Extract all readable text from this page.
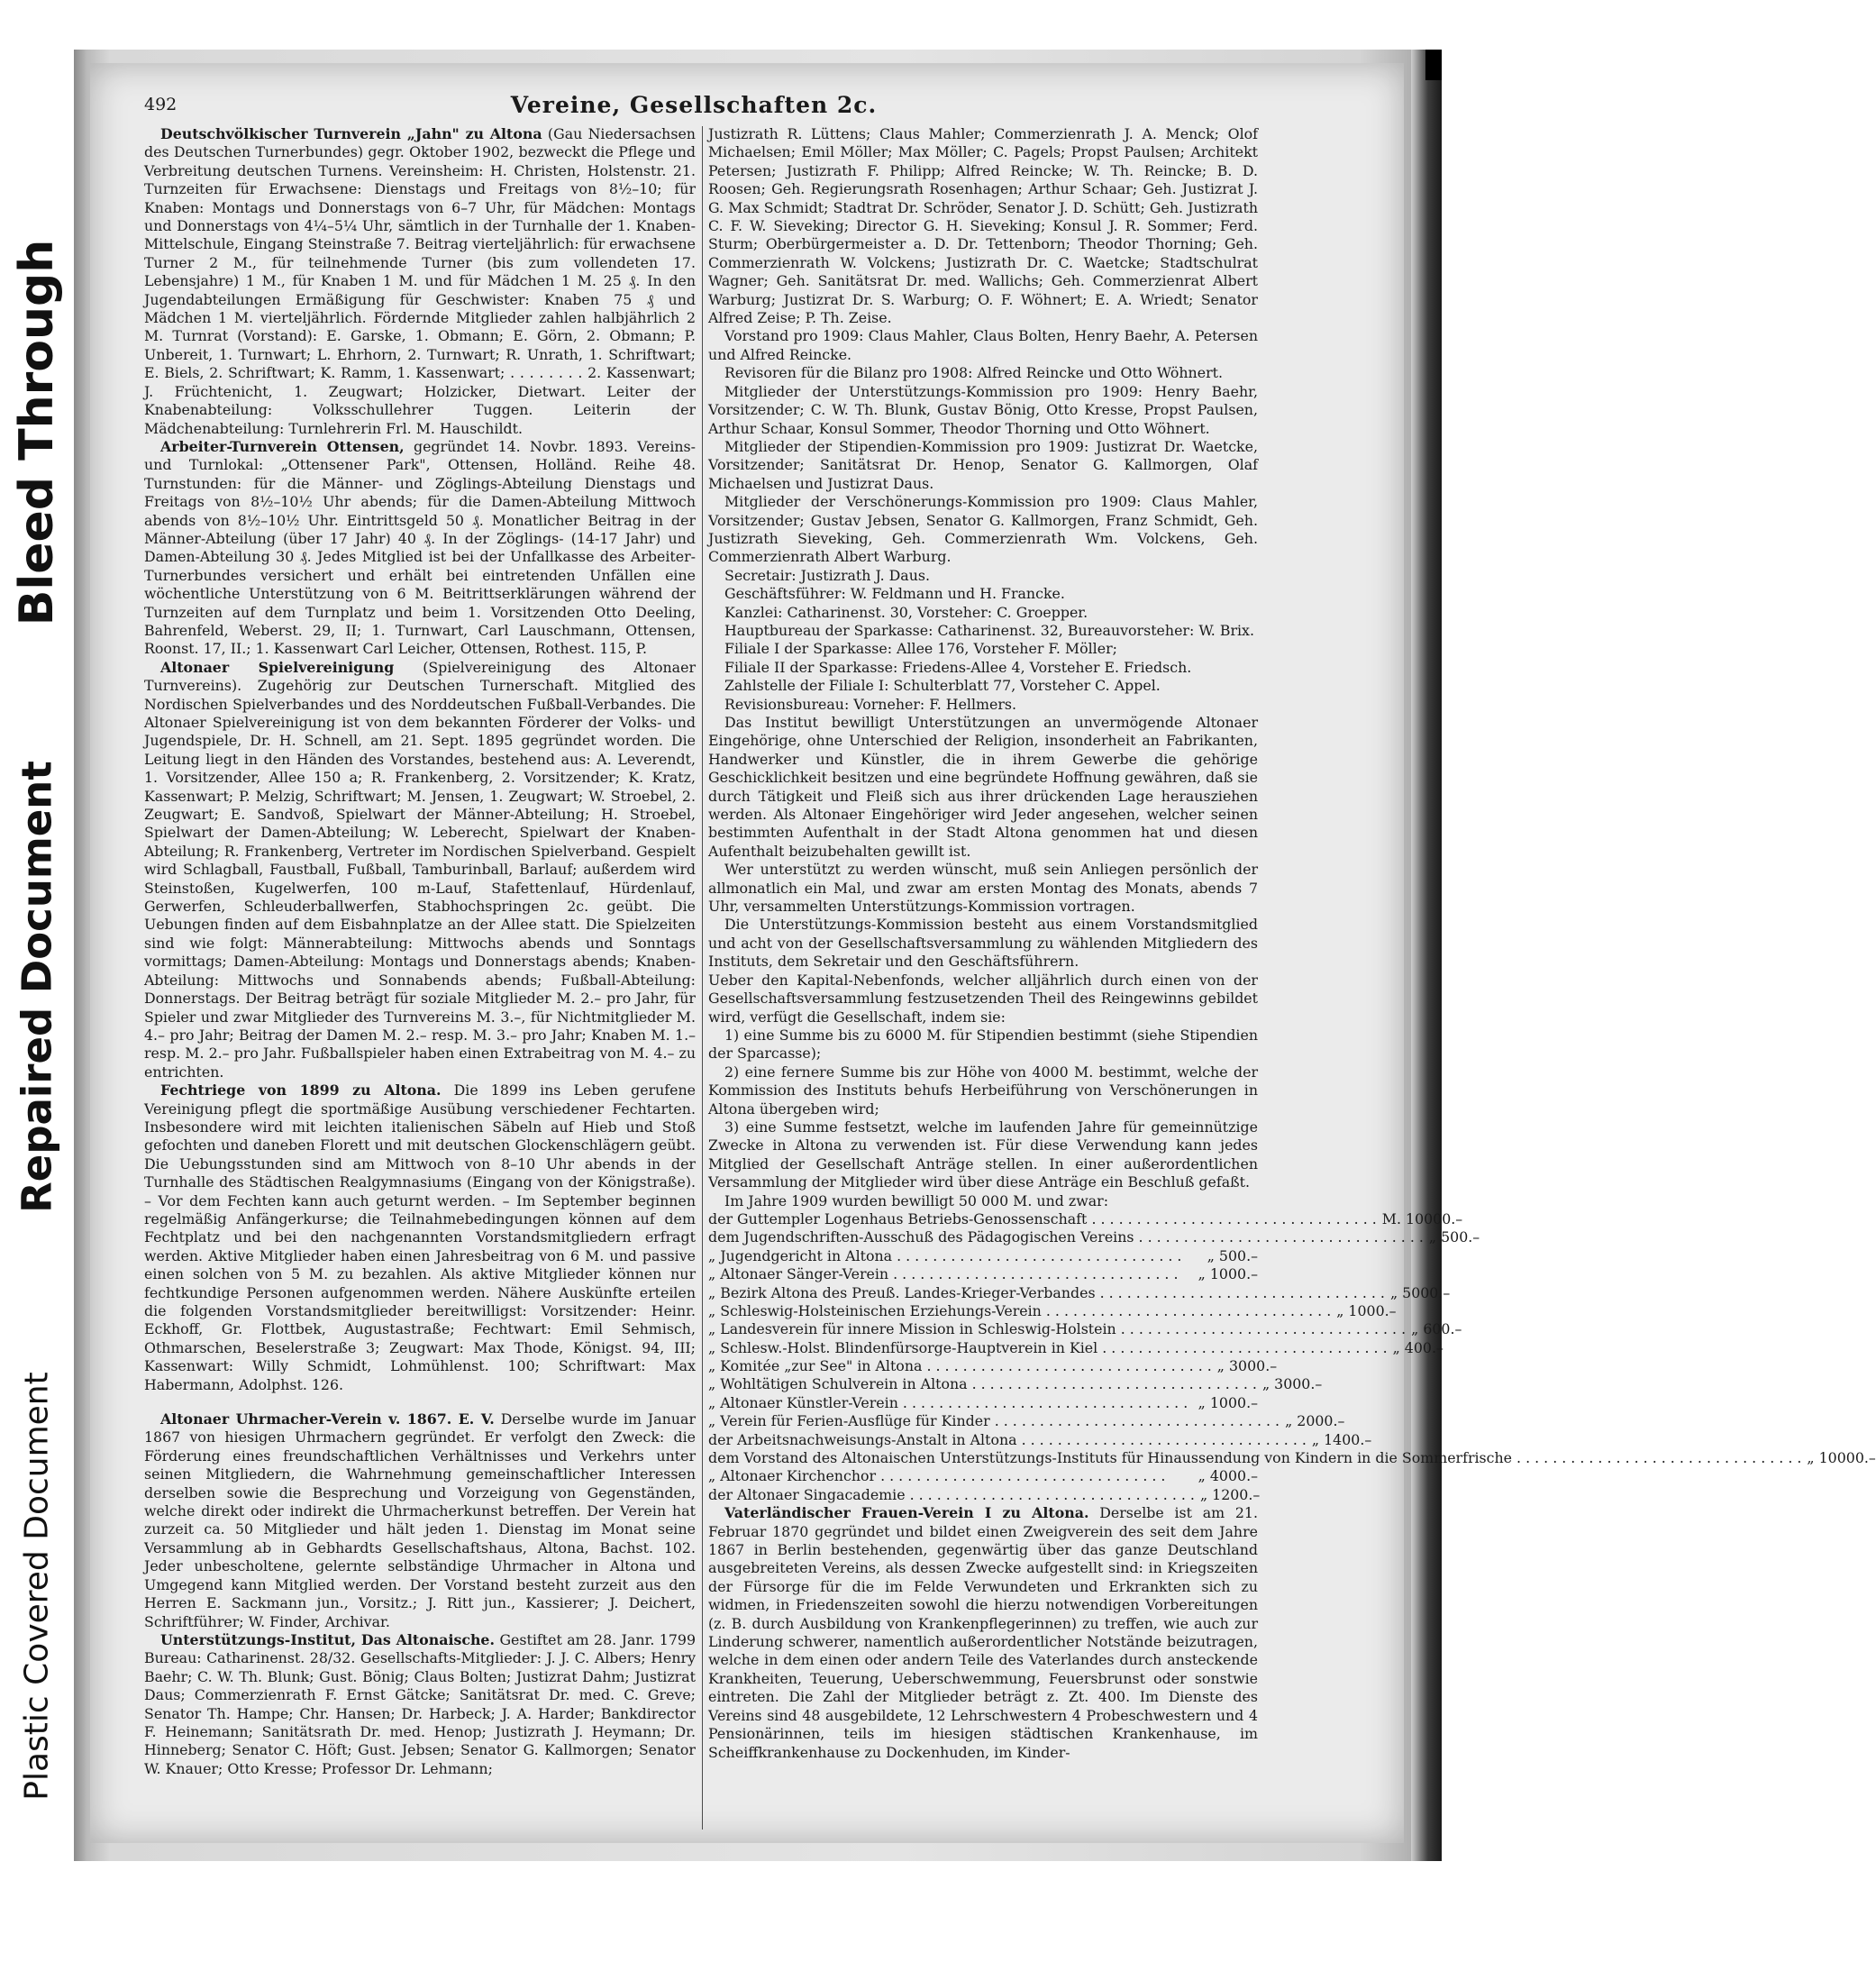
Bleed Through
Repaired Document
Plastic Covered Document
492	Vereine, Gesellschaften 2c.

Deutschvölkischer Turnverein „Jahn" zu Altona (Gau Niedersachsen des Deutschen Turnerbundes) gegr. Oktober 1902, bezweckt die Pflege und Verbreitung deutschen Turnens. Vereinsheim: H. Christen, Holstenstr. 21. Turnzeiten für Erwachsene: Dienstags und Freitags von 8½–10; für Knaben: Montags und Donnerstags von 6–7 Uhr, für Mädchen: Montags und Donnerstags von 4¼–5¼ Uhr, sämtlich in der Turnhalle der 1. Knaben-Mittelschule, Eingang Steinstraße 7. Beitrag vierteljährlich: für erwachsene Turner 2 M., für teilnehmende Turner (bis zum vollendeten 17. Lebensjahre) 1 M., für Knaben 1 M. und für Mädchen 1 M. 25 ₰. In den Jugendabteilungen Ermäßigung für Geschwister: Knaben 75 ₰ und Mädchen 1 M. vierteljährlich. Fördernde Mitglieder zahlen halbjährlich 2 M. Turnrat (Vorstand): E. Garske, 1. Obmann; E. Görn, 2. Obmann; P. Unbereit, 1. Turnwart; L. Ehrhorn, 2. Turnwart; R. Unrath, 1. Schriftwart; E. Biels, 2. Schriftwart; K. Ramm, 1. Kassenwart; . . . . . . . . 2. Kassenwart; J. Früchtenicht, 1. Zeugwart; Holzicker, Dietwart. Leiter der Knabenabteilung: Volksschullehrer Tuggen. Leiterin der Mädchenabteilung: Turnlehrerin Frl. M. Hauschildt.

Arbeiter-Turnverein Ottensen, gegründet 14. Novbr. 1893. Vereins- und Turnlokal: „Ottensener Park", Ottensen, Holländ. Reihe 48. Turnstunden: für die Männer- und Zöglings-Abteilung Dienstags und Freitags von 8½–10½ Uhr abends; für die Damen-Abteilung Mittwoch abends von 8½–10½ Uhr. Eintrittsgeld 50 ₰. Monatlicher Beitrag in der Männer-Abteilung (über 17 Jahr) 40 ₰. In der Zöglings- (14-17 Jahr) und Damen-Abteilung 30 ₰. Jedes Mitglied ist bei der Unfallkasse des Arbeiter-Turnerbundes versichert und erhält bei eintretenden Unfällen eine wöchentliche Unterstützung von 6 M. Beitrittserklärungen während der Turnzeiten auf dem Turnplatz und beim 1. Vorsitzenden Otto Deeling, Bahrenfeld, Weberst. 29, II; 1. Turnwart, Carl Lauschmann, Ottensen, Roonst. 17, II.; 1. Kassenwart Carl Leicher, Ottensen, Rothest. 115, P.

Altonaer Spielvereinigung (Spielvereinigung des Altonaer Turnvereins). Zugehörig zur Deutschen Turnerschaft. Mitglied des Nordischen Spielverbandes und des Norddeutschen Fußball-Verbandes. Die Altonaer Spielvereinigung ist von dem bekannten Förderer der Volks- und Jugendspiele, Dr. H. Schnell, am 21. Sept. 1895 gegründet worden. Die Leitung liegt in den Händen des Vorstandes, bestehend aus: A. Leverendt, 1. Vorsitzender, Allee 150 a; R. Frankenberg, 2. Vorsitzender; K. Kratz, Kassenwart; P. Melzig, Schriftwart; M. Jensen, 1. Zeugwart; W. Stroebel, 2. Zeugwart; E. Sandvoß, Spielwart der Männer-Abteilung; H. Stroebel, Spielwart der Damen-Abteilung; W. Leberecht, Spielwart der Knaben-Abteilung; R. Frankenberg, Vertreter im Nordischen Spielverband. Gespielt wird Schlagball, Faustball, Fußball, Tamburinball, Barlauf; außerdem wird Steinstoßen, Kugelwerfen, 100 m-Lauf, Stafettenlauf, Hürdenlauf, Gerwerfen, Schleuderballwerfen, Stabhochspringen 2c. geübt. Die Uebungen finden auf dem Eisbahnplatze an der Allee statt. Die Spielzeiten sind wie folgt: Männerabteilung: Mittwochs abends und Sonntags vormittags; Damen-Abteilung: Montags und Donnerstags abends; Knaben-Abteilung: Mittwochs und Sonnabends abends; Fußball-Abteilung: Donnerstags. Der Beitrag beträgt für soziale Mitglieder M. 2.– pro Jahr, für Spieler und zwar Mitglieder des Turnvereins M. 3.–, für Nichtmitglieder M. 4.– pro Jahr; Beitrag der Damen M. 2.– resp. M. 3.– pro Jahr; Knaben M. 1.– resp. M. 2.– pro Jahr. Fußballspieler haben einen Extrabeitrag von M. 4.– zu entrichten.

Fechtriege von 1899 zu Altona. Die 1899 ins Leben gerufene Vereinigung pflegt die sportmäßige Ausübung verschiedener Fechtarten. Insbesondere wird mit leichten italienischen Säbeln auf Hieb und Stoß gefochten und daneben Florett und mit deutschen Glockenschlägern geübt. Die Uebungsstunden sind am Mittwoch von 8–10 Uhr abends in der Turnhalle des Städtischen Realgymnasiums (Eingang von der Königstraße). – Vor dem Fechten kann auch geturnt werden. – Im September beginnen regelmäßig Anfängerkurse; die Teilnahmebedingungen können auf dem Fechtplatz und bei den nachgenannten Vorstandsmitgliedern erfragt werden. Aktive Mitglieder haben einen Jahresbeitrag von 6 M. und passive einen solchen von 5 M. zu bezahlen. Als aktive Mitglieder können nur fechtkundige Personen aufgenommen werden. Nähere Auskünfte erteilen die folgenden Vorstandsmitglieder bereitwilligst: Vorsitzender: Heinr. Eckhoff, Gr. Flottbek, Augustastraße; Fechtwart: Emil Sehmisch, Othmarschen, Beselerstraße 3; Zeugwart: Max Thode, Königst. 94, III; Kassenwart: Willy Schmidt, Lohmühlenst. 100; Schriftwart: Max Habermann, Adolphst. 126.

Altonaer Uhrmacher-Verein v. 1867. E. V. Derselbe wurde im Januar 1867 von hiesigen Uhrmachern gegründet. Er verfolgt den Zweck: die Förderung eines freundschaftlichen Verhältnisses und Verkehrs unter seinen Mitgliedern, die Wahrnehmung gemeinschaftlicher Interessen derselben sowie die Besprechung und Vorzeigung von Gegenständen, welche direkt oder indirekt die Uhrmacherkunst betreffen. Der Verein hat zurzeit ca. 50 Mitglieder und hält jeden 1. Dienstag im Monat seine Versammlung ab in Gebhardts Gesellschaftshaus, Altona, Bachst. 102. Jeder unbescholtene, gelernte selbständige Uhrmacher in Altona und Umgegend kann Mitglied werden. Der Vorstand besteht zurzeit aus den Herren E. Sackmann jun., Vorsitz.; J. Ritt jun., Kassierer; J. Deichert, Schriftführer; W. Finder, Archivar.

Unterstützungs-Institut, Das Altonaische. Gestiftet am 28. Janr. 1799 Bureau: Catharinenst. 28/32. Gesellschafts-Mitglieder: J. J. C. Albers; Henry Baehr; C. W. Th. Blunk; Gust. Bönig; Claus Bolten; Justizrat Dahm; Justizrat Daus; Commerzienrath F. Ernst Gätcke; Sanitätsrat Dr. med. C. Greve; Senator Th. Hampe; Chr. Hansen; Dr. Harbeck; J. A. Harder; Bankdirector F. Heinemann; Sanitätsrath Dr. med. Henop; Justizrath J. Heymann; Dr. Hinneberg; Senator C. Höft; Gust. Jebsen; Senator G. Kallmorgen; Senator W. Knauer; Otto Kresse; Professor Dr. Lehmann;

Justizrath R. Lüttens; Claus Mahler; Commerzienrath J. A. Menck; Olof Michaelsen; Emil Möller; Max Möller; C. Pagels; Propst Paulsen; Architekt Petersen; Justizrath F. Philipp; Alfred Reincke; W. Th. Reincke; B. D. Roosen; Geh. Regierungsrath Rosenhagen; Arthur Schaar; Geh. Justizrat J. G. Max Schmidt; Stadtrat Dr. Schröder, Senator J. D. Schütt; Geh. Justizrath C. F. W. Sieveking; Director G. H. Sieveking; Konsul J. R. Sommer; Ferd. Sturm; Oberbürgermeister a. D. Dr. Tettenborn; Theodor Thorning; Geh. Commerzienrath W. Volckens; Justizrath Dr. C. Waetcke; Stadtschulrat Wagner; Geh. Sanitätsrat Dr. med. Wallichs; Geh. Commerzienrat Albert Warburg; Justizrat Dr. S. Warburg; O. F. Wöhnert; E. A. Wriedt; Senator Alfred Zeise; P. Th. Zeise.

Vorstand pro 1909: Claus Mahler, Claus Bolten, Henry Baehr, A. Petersen und Alfred Reincke.

Revisoren für die Bilanz pro 1908: Alfred Reincke und Otto Wöhnert.

Mitglieder der Unterstützungs-Kommission pro 1909: Henry Baehr, Vorsitzender; C. W. Th. Blunk, Gustav Bönig, Otto Kresse, Propst Paulsen, Arthur Schaar, Konsul Sommer, Theodor Thorning und Otto Wöhnert.

Mitglieder der Stipendien-Kommission pro 1909: Justizrat Dr. Waetcke, Vorsitzender; Sanitätsrat Dr. Henop, Senator G. Kallmorgen, Olaf Michaelsen und Justizrat Daus.

Mitglieder der Verschönerungs-Kommission pro 1909: Claus Mahler, Vorsitzender; Gustav Jebsen, Senator G. Kallmorgen, Franz Schmidt, Geh. Justizrath Sieveking, Geh. Commerzienrath Wm. Volckens, Geh. Commerzienrath Albert Warburg.

Secretair: Justizrath J. Daus.

Geschäftsführer: W. Feldmann und H. Francke.

Kanzlei: Catharinenst. 30, Vorsteher: C. Groepper.

Hauptbureau der Sparkasse: Catharinenst. 32, Bureauvorsteher: W. Brix.

Filiale I der Sparkasse: Allee 176, Vorsteher F. Möller;

Filiale II der Sparkasse: Friedens-Allee 4, Vorsteher E. Friedsch.

Zahlstelle der Filiale I: Schulterblatt 77, Vorsteher C. Appel.

Revisionsbureau: Vorneher: F. Hellmers.

Das Institut bewilligt Unterstützungen an unvermögende Altonaer Eingehörige, ohne Unterschied der Religion, insonderheit an Fabrikanten, Handwerker und Künstler, die in ihrem Gewerbe die gehörige Geschicklichkeit besitzen und eine begründete Hoffnung gewähren, daß sie durch Tätigkeit und Fleiß sich aus ihrer drückenden Lage herausziehen werden. Als Altonaer Eingehöriger wird Jeder angesehen, welcher seinen bestimmten Aufenthalt in der Stadt Altona genommen hat und diesen Aufenthalt beizubehalten gewillt ist.

Wer unterstützt zu werden wünscht, muß sein Anliegen persönlich der allmonatlich ein Mal, und zwar am ersten Montag des Monats, abends 7 Uhr, versammelten Unterstützungs-Kommission vortragen.

Die Unterstützungs-Kommission besteht aus einem Vorstandsmitglied und acht von der Gesellschaftsversammlung zu wählenden Mitgliedern des Instituts, dem Sekretair und den Geschäftsführern.

Ueber den Kapital-Nebenfonds, welcher alljährlich durch einen von der Gesellschaftsversammlung festzusetzenden Theil des Reingewinns gebildet wird, verfügt die Gesellschaft, indem sie:

1) eine Summe bis zu 6000 M. für Stipendien bestimmt (siehe Stipendien der Sparcasse);

2) eine fernere Summe bis zur Höhe von 4000 M. bestimmt, welche der Kommission des Instituts behufs Herbeiführung von Verschönerungen in Altona übergeben wird;

3) eine Summe festsetzt, welche im laufenden Jahre für gemeinnützige Zwecke in Altona zu verwenden ist. Für diese Verwendung kann jedes Mitglied der Gesellschaft Anträge stellen. In einer außerordentlichen Versammlung der Mitglieder wird über diese Anträge ein Beschluß gefaßt.

Im Jahre 1909 wurden bewilligt 50 000 M. und zwar:

der Guttempler Logenhaus Betriebs-Genossenschaft . . .	M. 10000.–
dem Jugendschriften-Ausschuß des Pädagogischen Vereins . . .	„ 500.–
„ Jugendgericht in Altona . . .	„ 500.–
„ Altonaer Sänger-Verein . . .	„ 1000.–
„ Bezirk Altona des Preuß. Landes-Krieger-Verbandes . . .	„ 5000.–
„ Schleswig-Holsteinischen Erziehungs-Verein . . .	„ 1000.–
„ Landesverein für innere Mission in Schleswig-Holstein . . .	„ 600.–
„ Schlesw.-Holst. Blindenfürsorge-Hauptverein in Kiel . . .	„ 400.–
„ Komitée „zur See" in Altona . . .	„ 3000.–
„ Wohltätigen Schulverein in Altona . . .	„ 3000.–
„ Altonaer Künstler-Verein . . .	„ 1000.–
„ Verein für Ferien-Ausflüge für Kinder . . .	„ 2000.–
der Arbeitsnachweisungs-Anstalt in Altona . . .	„ 1400.–
dem Vorstand des Altonaischen Unterstützungs-Instituts für Hinaussendung von Kindern in die Sommerfrische . . .	„ 10000.–
„ Altonaer Kirchenchor . . .	„ 4000.–
der Altonaer Singacademie . . .	„ 1200.–

Vaterländischer Frauen-Verein I zu Altona. Derselbe ist am 21. Februar 1870 gegründet und bildet einen Zweigverein des seit dem Jahre 1867 in Berlin bestehenden, gegenwärtig über das ganze Deutschland ausgebreiteten Vereins, als dessen Zwecke aufgestellt sind: in Kriegszeiten der Fürsorge für die im Felde Verwundeten und Erkrankten sich zu widmen, in Friedenszeiten sowohl die hierzu notwendigen Vorbereitungen (z. B. durch Ausbildung von Krankenpflegerinnen) zu treffen, wie auch zur Linderung schwerer, namentlich außerordentlicher Notstände beizutragen, welche in dem einen oder andern Teile des Vaterlandes durch ansteckende Krankheiten, Teuerung, Ueberschwemmung, Feuersbrunst oder sonstwie eintreten. Die Zahl der Mitglieder beträgt z. Zt. 400. Im Dienste des Vereins sind 48 ausgebildete, 12 Lehrschwestern 4 Probeschwestern und 4 Pensionärinnen, teils im hiesigen städtischen Krankenhause, im Scheiffkrankenhause zu Dockenhuden, im Kinder-
